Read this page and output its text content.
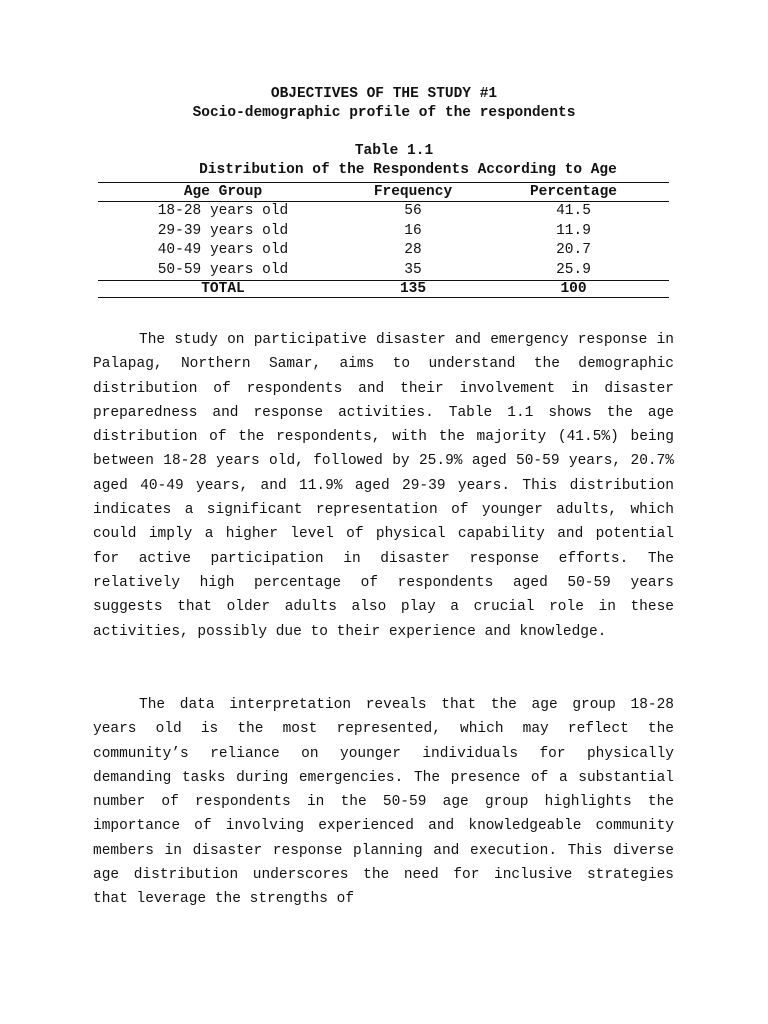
OBJECTIVES OF THE STUDY #1
Socio-demographic profile of the respondents
Table 1.1
Distribution of the Respondents According to Age
Age Group	Frequency	Percentage
18-28 years old	56	41.5
29-39 years old	16	11.9
40-49 years old	28	20.7
50-59 years old	35	25.9
TOTAL	135	100

The study on participative disaster and emergency response in Palapag, Northern Samar, aims to understand the demographic distribution of respondents and their involvement in disaster preparedness and response activities. Table 1.1 shows the age distribution of the respondents, with the majority (41.5%) being between 18-28 years old, followed by 25.9% aged 50-59 years, 20.7% aged 40-49 years, and 11.9% aged 29-39 years. This distribution indicates a significant representation of younger adults, which could imply a higher level of physical capability and potential for active participation in disaster response efforts. The relatively high percentage of respondents aged 50-59 years suggests that older adults also play a crucial role in these activities, possibly due to their experience and knowledge.

The data interpretation reveals that the age group 18-28 years old is the most represented, which may reflect the community’s reliance on younger individuals for physically demanding tasks during emergencies. The presence of a substantial number of respondents in the 50-59 age group highlights the importance of involving experienced and knowledgeable community members in disaster response planning and execution. This diverse age distribution underscores the need for inclusive strategies that leverage the strengths of
